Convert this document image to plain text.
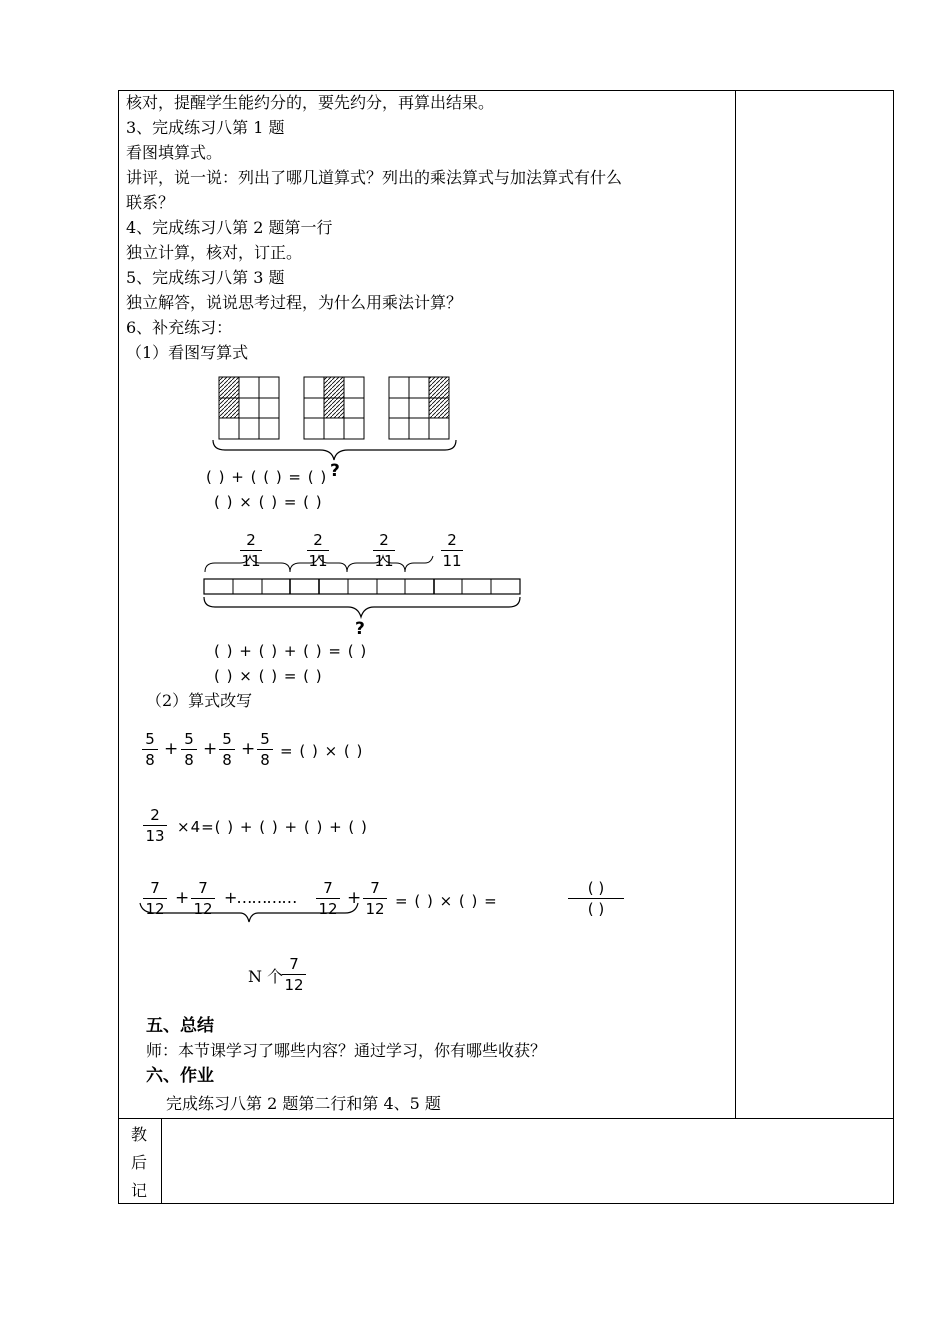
核对，提醒学生能约分的，要先约分，再算出结果。
3、完成练习八第 1 题
看图填算式。
讲评，说一说：列出了哪几道算式？列出的乘法算式与加法算式有什么
联系？
4、完成练习八第 2 题第一行
独立计算，核对，订正。
5、完成练习八第 3 题
独立解答，说说思考过程，为什么用乘法计算？
6、补充练习：
（1）看图写算式
?
( ) + ( ( ) = ( )
( ) × ( ) = ( )
2
11
2
11
2
11
2
11
?
( ) + ( ) + ( ) = ( )
( ) × ( ) = ( )
（2）算式改写
5
8
+ 5
8
+ 5
8
+ 5
8 = ( ) × ( )
2
13 ×4=( ) + ( ) + ( ) + ( )
7
12
+ 7
12
+…………	7
12
+ 7
12 = ( ) × ( ) =
( )
( )
N 个
7
12
五、总结
师：本节课学习了哪些内容？通过学习，你有哪些收获？
六、作业
完成练习八第 2 题第二行和第 4、5 题
教
后
记
